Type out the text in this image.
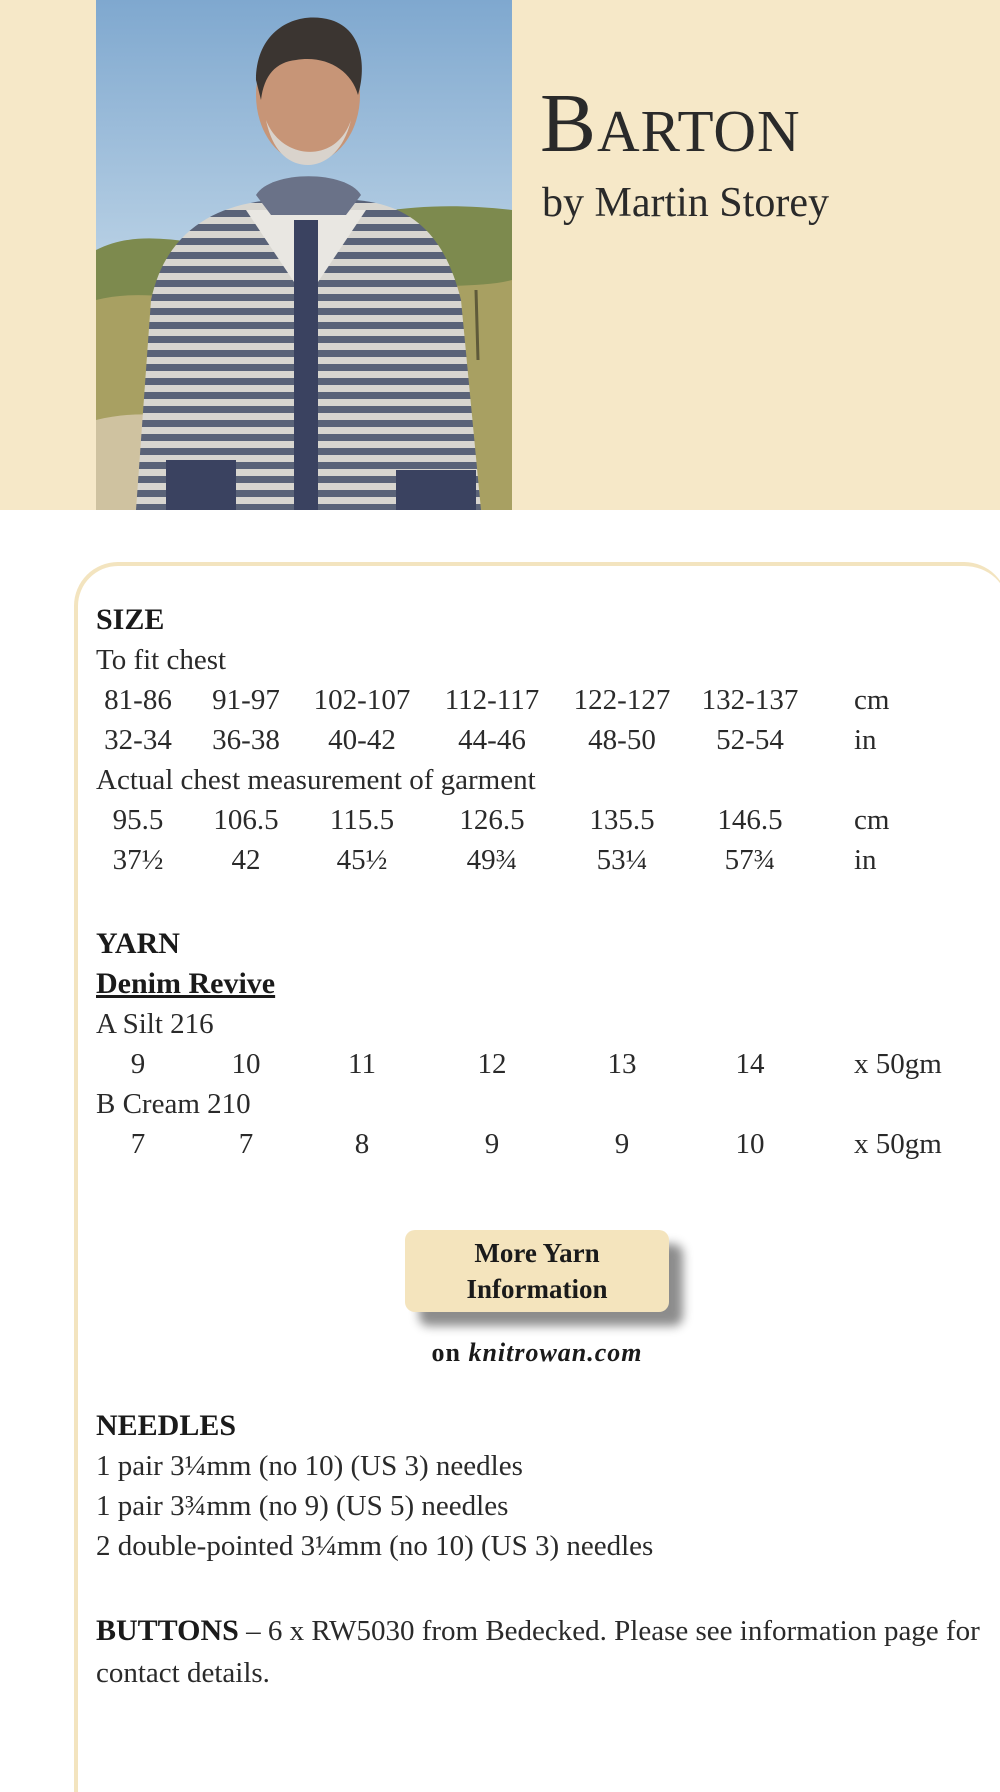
Barton
by Martin Storey
SIZE
To fit chest
81-86 91-97 102-107 112-117 122-127 132-137 cm
32-34 36-38 40-42 44-46 48-50 52-54 in
Actual chest measurement of garment
95.5 106.5 115.5 126.5 135.5 146.5 cm
37½ 42	45½	49¾	53¼	57¾	in
YARN
Denim Revive
A Silt 216
9	10	11	12	13	14	x 50gm
B Cream 210
7	7	8	9	9	10	x 50gm
More Yarn
Information
on knitrowan.com
NEEDLES
1 pair 3¼mm (no 10) (US 3) needles
1 pair 3¾mm (no 9) (US 5) needles
2 double-pointed 3¼mm (no 10) (US 3) needles
BUTTONS – 6 x RW5030 from Bedecked. Please see information page for contact details.
